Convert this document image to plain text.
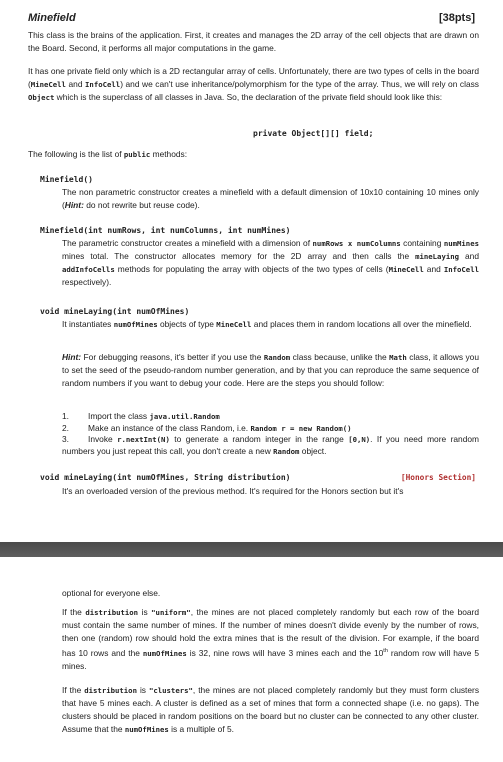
Minefield	[38pts]

This class is the brains of the application. First, it creates and manages the 2D array of the cell objects that are drawn on the Board. Second, it performs all major computations in the game.

It has one private field only which is a 2D rectangular array of cells. Unfortunately, there are two types of cells in the board (MineCell and InfoCell) and we can't use inheritance/polymorphism for the type of the array. Thus, we will rely on class Object which is the superclass of all classes in Java. So, the declaration of the private field should look like this:

private Object[][] field;

The following is the list of public methods:

Minefield()

The non parametric constructor creates a minefield with a default dimension of 10x10 containing 10 mines only (Hint: do not rewrite but reuse code).

Minefield(int numRows, int numColumns, int numMines)

The parametric constructor creates a minefield with a dimension of numRows x numColumns containing numMines mines total. The constructor allocates memory for the 2D array and then calls the mineLaying and addInfoCells methods for populating the array with objects of the two types of cells (MineCell and InfoCell respectively).

void mineLaying(int numOfMines)

It instantiates numOfMines objects of type MineCell and places them in random locations all over the minefield.

Hint: For debugging reasons, it's better if you use the Random class because, unlike the Math class, it allows you to set the seed of the pseudo-random number generation, and by that you can reproduce the same sequence of random numbers if you want to debug your code. Here are the steps you should follow:

1. Import the class java.util.Random
2. Make an instance of the class Random, i.e. Random r = new Random()

3. Invoke r.nextInt(N) to generate a random integer in the range [0,N). If you need more random numbers you just repeat this call, you don't create a new Random object.

void mineLaying(int numOfMines, String distribution)	[Honors Section]

It's an overloaded version of the previous method. It's required for the Honors section but it's

optional for everyone else.

If the distribution is "uniform", the mines are not placed completely randomly but each row of the board must contain the same number of mines. If the number of mines doesn't divide evenly by the number of rows, then one (random) row should hold the extra mines that is the result of the division. For example, if the board has 10 rows and the numOfMines is 32, nine rows will have 3 mines each and the 10th random row will have 5 mines.

If the distribution is "clusters", the mines are not placed completely randomly but they must form clusters that have 5 mines each. A cluster is defined as a set of mines that form a connected shape (i.e. no gaps). The clusters should be placed in random positions on the board but no cluster can be connected to any other cluster. Assume that the numOfMines is a multiple of 5.
